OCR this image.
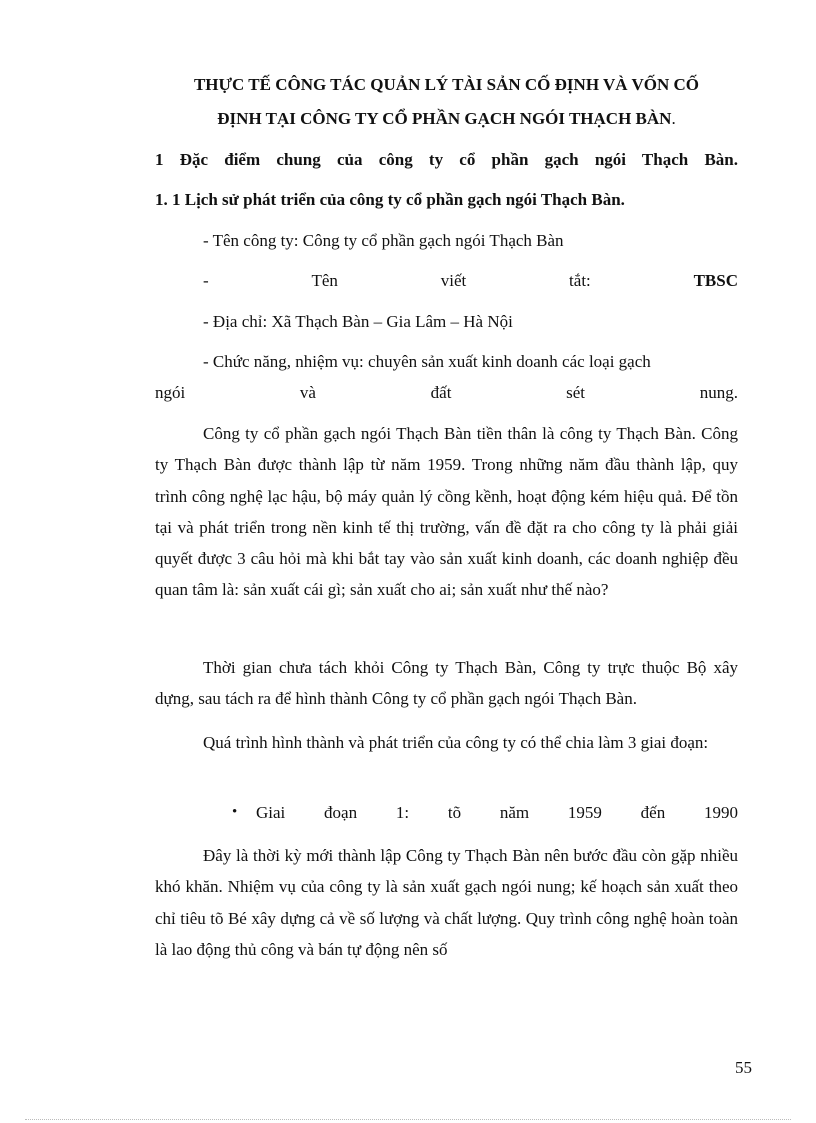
THỰC TẾ CÔNG TÁC QUẢN LÝ TÀI SẢN CỐ ĐỊNH VÀ VỐN CỐ
ĐỊNH TẠI CÔNG TY CỔ PHẦN GẠCH NGÓI THẠCH BÀN.
1 Đặc điểm chung của công ty cổ phần gạch ngói Thạch Bàn.
1. 1 Lịch sử phát triển của công ty cổ phần gạch ngói Thạch Bàn.
- Tên công ty: Công ty cổ phần gạch ngói Thạch Bàn
-	Tên	viết	tắt:	TBSC
- Địa chỉ: Xã Thạch Bàn – Gia Lâm – Hà Nội
- Chức năng, nhiệm vụ: chuyên sản xuất kinh doanh các loại gạch
ngói	và	đất	sét	nung.
Công ty cổ phần gạch ngói Thạch Bàn tiền thân là công ty Thạch Bàn. Công ty Thạch Bàn được thành lập từ năm 1959. Trong những năm đầu thành lập, quy trình công nghệ lạc hậu, bộ máy quản lý cồng kềnh, hoạt động kém hiệu quả. Để tồn tại và phát triển trong nền kinh tế thị trường, vấn đề đặt ra cho công ty là phải giải quyết được 3 câu hỏi mà khi bắt tay vào sản xuất kinh doanh, các doanh nghiệp đều quan tâm là: sản xuất cái gì; sản xuất cho ai; sản xuất như thế nào?
Thời gian chưa tách khỏi Công ty Thạch Bàn, Công ty trực thuộc Bộ xây dựng, sau tách ra để hình thành Công ty cổ phần gạch ngói Thạch Bàn.
Quá trình hình thành và phát triển của công ty có thể chia làm 3 giai đoạn:
• Giai đoạn 1: tõ năm 1959 đến 1990
Đây là thời kỳ mới thành lập Công ty Thạch Bàn nên bước đầu còn gặp nhiều khó khăn. Nhiệm vụ của công ty là sản xuất gạch ngói nung; kế hoạch sản xuất theo chỉ tiêu tõ Bé xây dựng cả về số lượng và chất lượng. Quy trình công nghệ hoàn toàn là lao động thủ công và bán tự động nên số
55
